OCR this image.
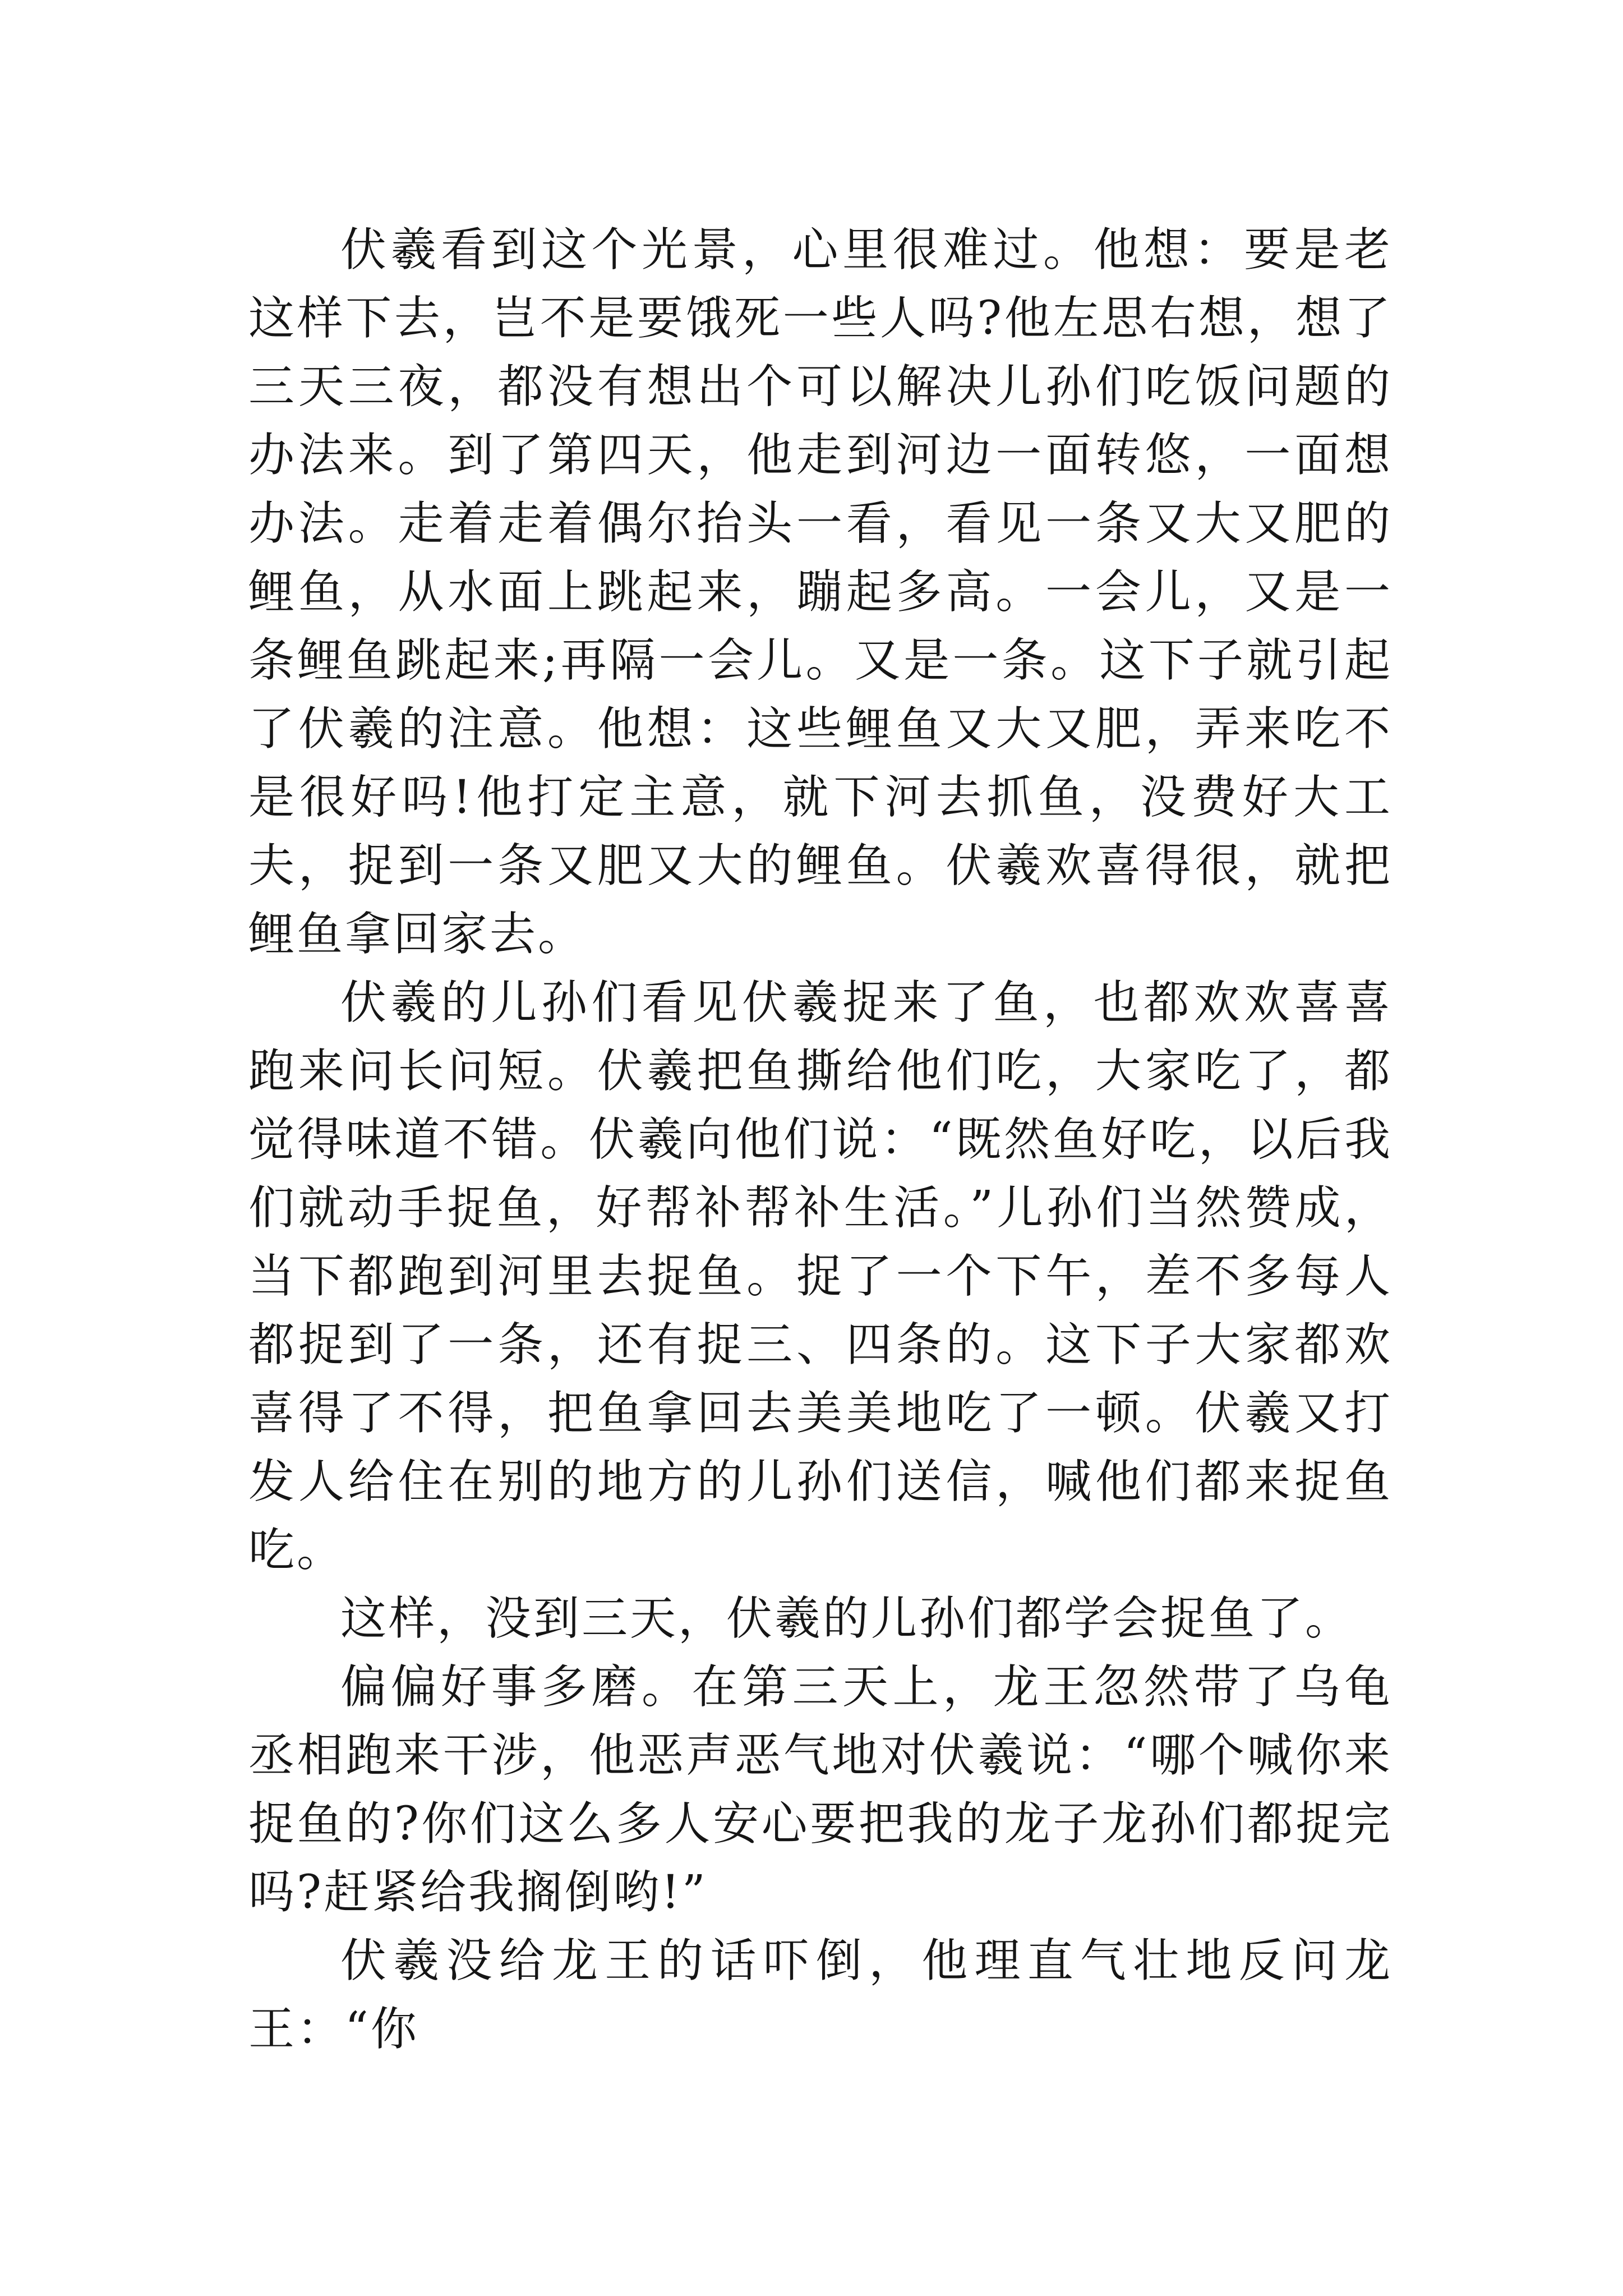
伏羲看到这个光景，心里很难过。他想：要是老这样下去，岂不是要饿死一些人吗?他左思右想，想了三天三夜，都没有想出个可以解决儿孙们吃饭问题的办法来。到了第四天，他走到河边一面转悠，一面想办法。走着走着偶尔抬头一看，看见一条又大又肥的鲤鱼，从水面上跳起来，蹦起多高。一会儿，又是一条鲤鱼跳起来;再隔一会儿。又是一条。这下子就引起了伏羲的注意。他想：这些鲤鱼又大又肥，弄来吃不是很好吗!他打定主意，就下河去抓鱼，没费好大工夫，捉到一条又肥又大的鲤鱼。伏羲欢喜得很，就把鲤鱼拿回家去。

伏羲的儿孙们看见伏羲捉来了鱼，也都欢欢喜喜跑来问长问短。伏羲把鱼撕给他们吃，大家吃了，都觉得味道不错。伏羲向他们说：“既然鱼好吃，以后我们就动手捉鱼，好帮补帮补生活。”儿孙们当然赞成，当下都跑到河里去捉鱼。捉了一个下午，差不多每人都捉到了一条，还有捉三、四条的。这下子大家都欢喜得了不得，把鱼拿回去美美地吃了一顿。伏羲又打发人给住在别的地方的儿孙们送信，喊他们都来捉鱼吃。

这样，没到三天，伏羲的儿孙们都学会捉鱼了。

偏偏好事多磨。在第三天上，龙王忽然带了乌龟丞相跑来干涉，他恶声恶气地对伏羲说：“哪个喊你来捉鱼的?你们这么多人安心要把我的龙子龙孙们都捉完吗?赶紧给我搁倒哟!”

伏羲没给龙王的话吓倒，他理直气壮地反问龙王：“你
